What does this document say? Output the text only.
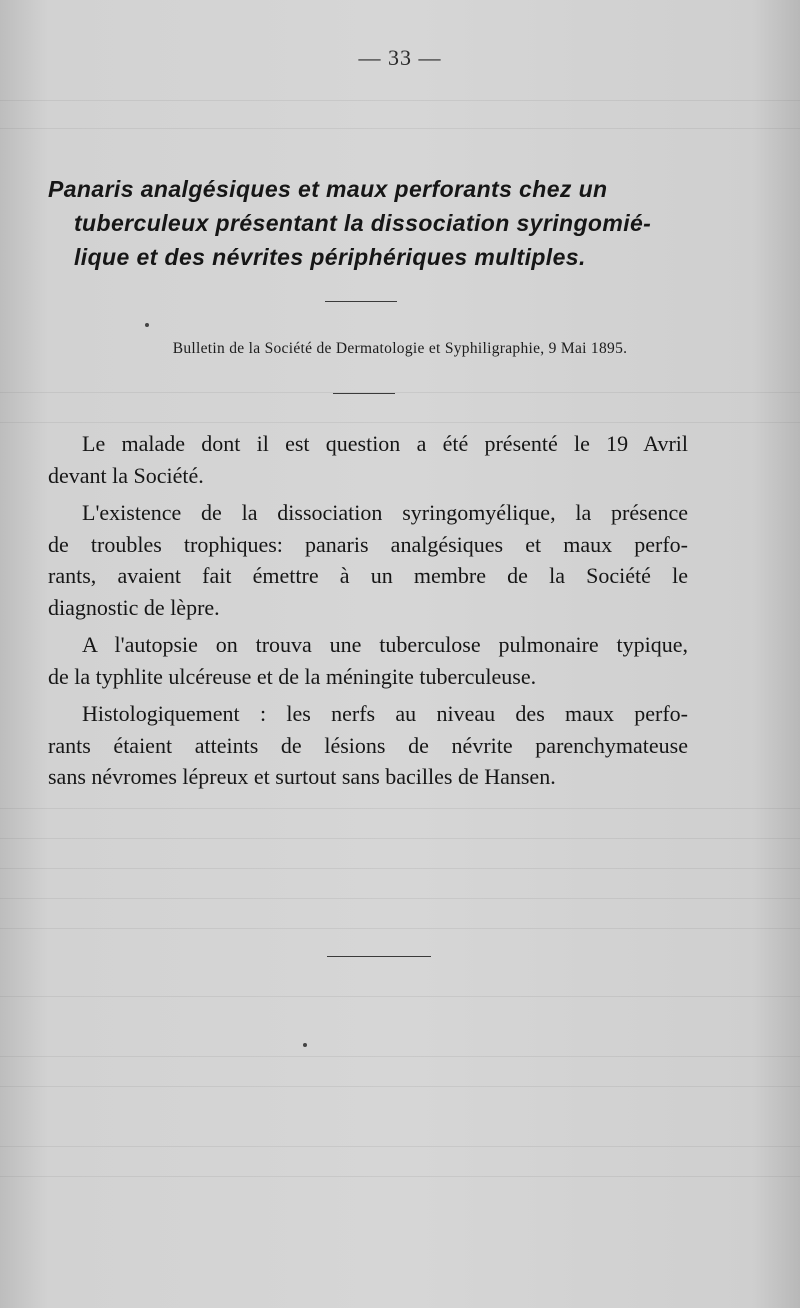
— 33 —
Panaris analgésiques et maux perforants chez un
tuberculeux présentant la dissociation syringomié-
lique et des névrites périphériques multiples.
Bulletin de la Société de Dermatologie et Syphiligraphie, 9 Mai 1895.

Le malade dont il est question a été présenté le 19 Avril
devant la Société.

L'existence de la dissociation syringomyélique, la présence
de troubles trophiques: panaris analgésiques et maux perfo-
rants, avaient fait émettre à un membre de la Société le
diagnostic de lèpre.

A l'autopsie on trouva une tuberculose pulmonaire typique,
de la typhlite ulcéreuse et de la méningite tuberculeuse.

Histologiquement : les nerfs au niveau des maux perfo-
rants étaient atteints de lésions de névrite parenchymateuse
sans névromes lépreux et surtout sans bacilles de Hansen.
